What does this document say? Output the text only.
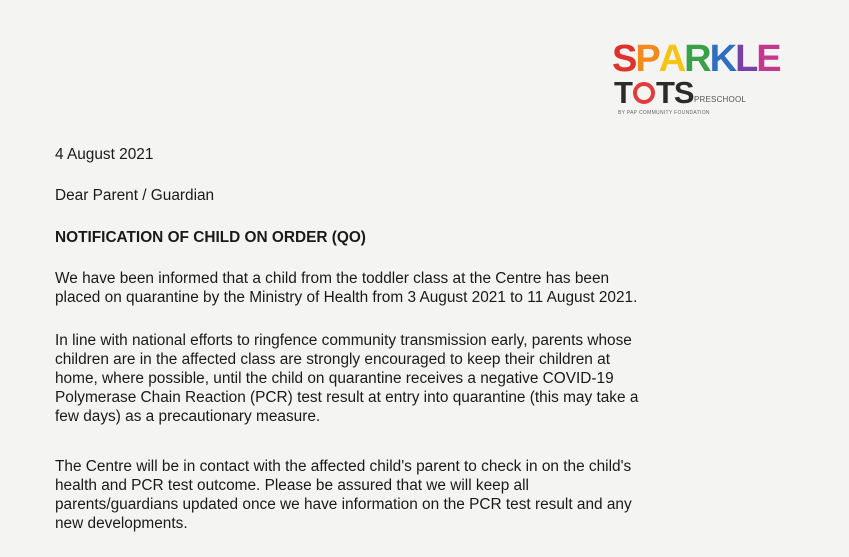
SPARKLE
T TS PRESCHOOL
BY PAP COMMUNITY FOUNDATION
4 August 2021
Dear Parent / Guardian
NOTIFICATION OF CHILD ON ORDER (QO)
We have been informed that a child from the toddler class at the Centre has been
placed on quarantine by the Ministry of Health from 3 August 2021 to 11 August 2021.
In line with national efforts to ringfence community transmission early, parents whose
children are in the affected class are strongly encouraged to keep their children at
home, where possible, until the child on quarantine receives a negative COVID-19
Polymerase Chain Reaction (PCR) test result at entry into quarantine (this may take a
few days) as a precautionary measure.
The Centre will be in contact with the affected child's parent to check in on the child's
health and PCR test outcome. Please be assured that we will keep all
parents/guardians updated once we have information on the PCR test result and any
new developments.
